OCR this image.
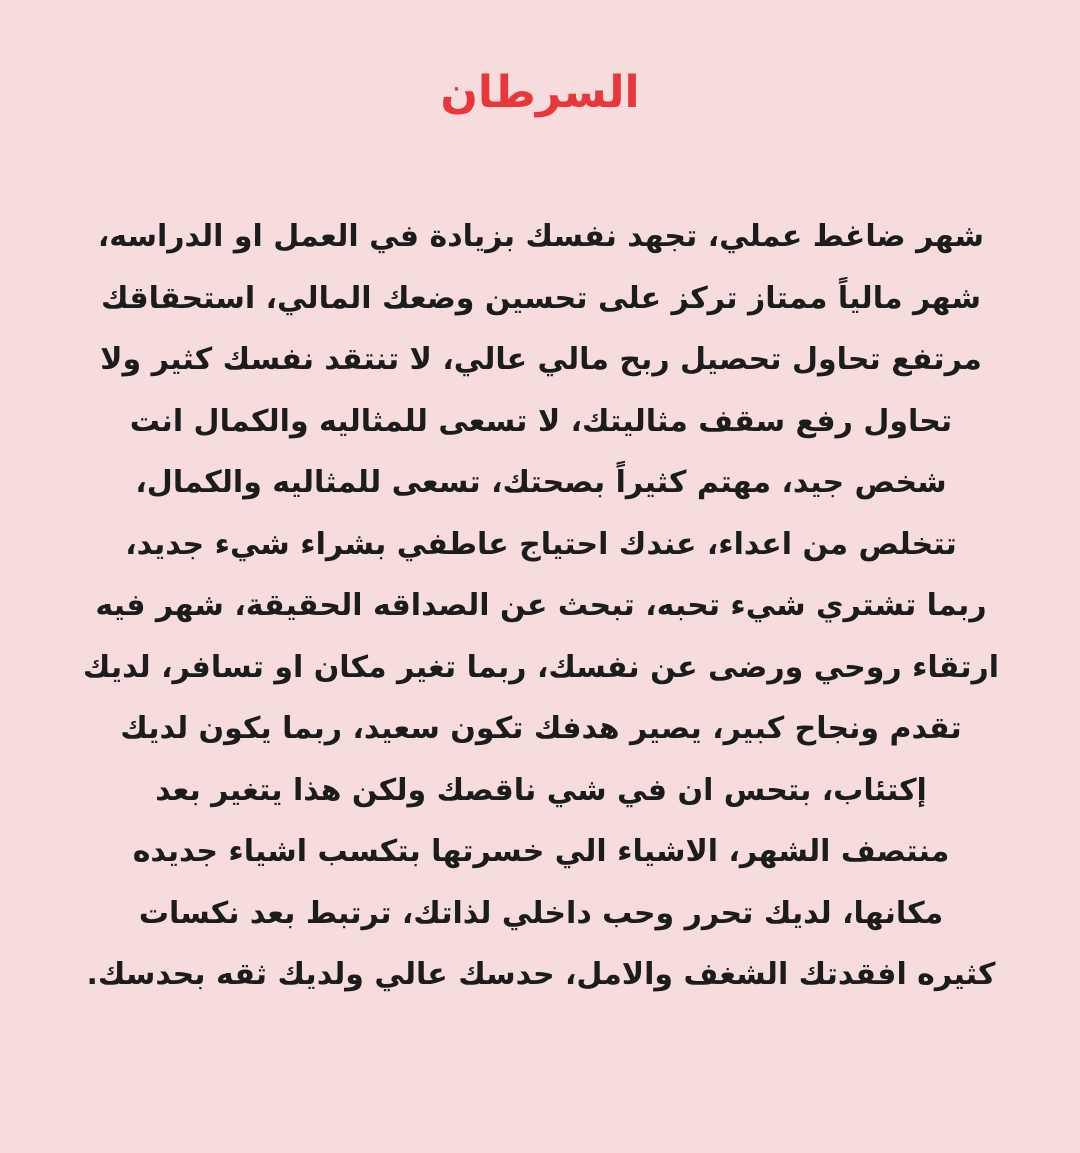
السرطان
شهر ضاغط عملي، تجهد نفسك بزيادة في العمل او الدراسه،
شهر مالياً ممتاز تركز على تحسين وضعك المالي، استحقاقك
مرتفع تحاول تحصيل ربح مالي عالي، لا تنتقد نفسك كثير ولا
تحاول رفع سقف مثاليتك، لا تسعى للمثاليه والكمال انت
شخص جيد، مهتم كثيراً بصحتك، تسعى للمثاليه والكمال،
تتخلص من اعداء، عندك احتياج عاطفي بشراء شيء جديد،
ربما تشتري شيء تحبه، تبحث عن الصداقه الحقيقة، شهر فيه
ارتقاء روحي ورضى عن نفسك، ربما تغير مكان او تسافر، لديك
تقدم ونجاح كبير، يصير هدفك تكون سعيد، ربما يكون لديك
إكتئاب، بتحس ان في شي ناقصك ولكن هذا يتغير بعد
منتصف الشهر، الاشياء الي خسرتها بتكسب اشياء جديده
مكانها، لديك تحرر وحب داخلي لذاتك، ترتبط بعد نكسات
كثيره افقدتك الشغف والامل، حدسك عالي ولديك ثقه بحدسك.
